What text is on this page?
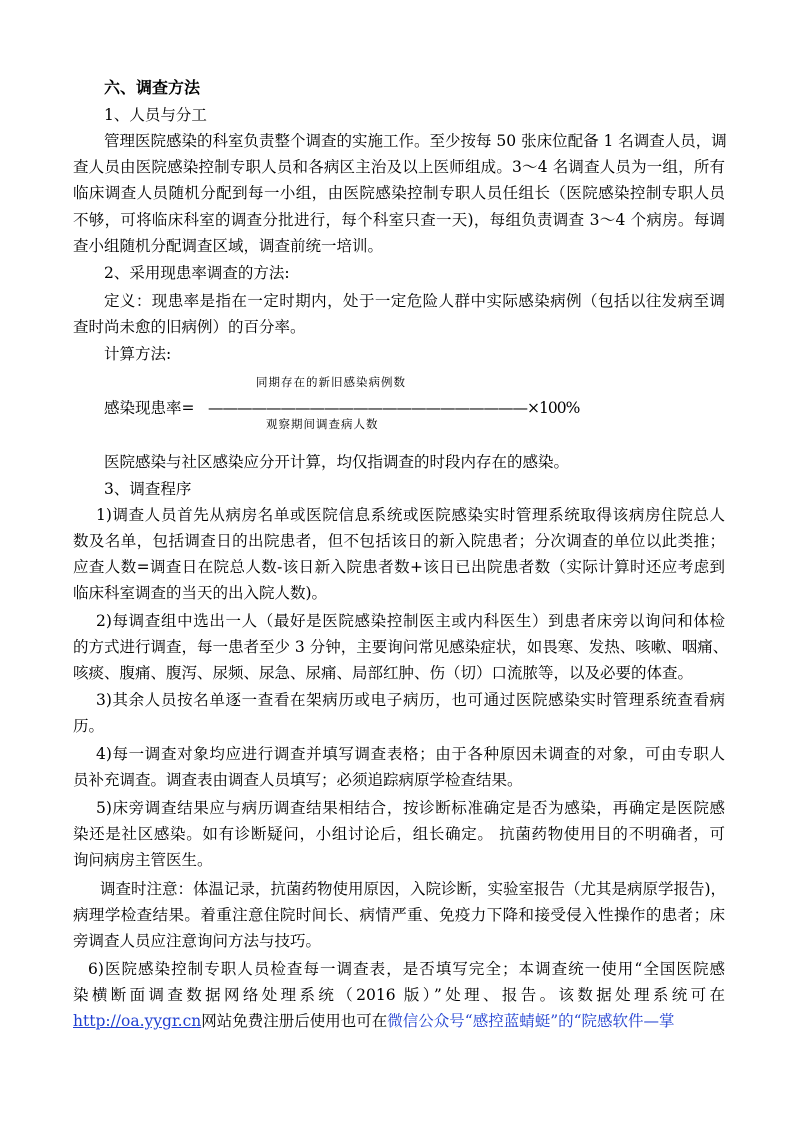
六、调查方法
1、人员与分工
管理医院感染的科室负责整个调查的实施工作。至少按每 50 张床位配备 1 名调查人员，调
查人员由医院感染控制专职人员和各病区主治及以上医师组成。3～4 名调查人员为一组，所有
临床调查人员随机分配到每一小组，由医院感染控制专职人员任组长（医院感染控制专职人员
不够，可将临床科室的调查分批进行，每个科室只查一天)，每组负责调查 3～4 个病房。每调
查小组随机分配调查区域，调查前统一培训。
2、采用现患率调查的方法:
定义：现患率是指在一定时期内，处于一定危险人群中实际感染病例（包括以往发病至调
查时尚未愈的旧病例）的百分率。
计算方法:
同期存在的新旧感染病例数
感染现患率= ——————————————————————×100%
观察期间调查病人数
医院感染与社区感染应分开计算，均仅指调查的时段内存在的感染。
3、调查程序
1)调查人员首先从病房名单或医院信息系统或医院感染实时管理系统取得该病房住院总人
数及名单，包括调查日的出院患者，但不包括该日的新入院患者；分次调查的单位以此类推；
应查人数=调查日在院总人数-该日新入院患者数+该日已出院患者数（实际计算时还应考虑到
临床科室调查的当天的出入院人数)。
2)每调查组中选出一人（最好是医院感染控制医主或内科医生）到患者床旁以询问和体检
的方式进行调查，每一患者至少 3 分钟，主要询问常见感染症状，如畏寒、发热、咳嗽、咽痛、
咳痰、腹痛、腹泻、尿频、尿急、尿痛、局部红肿、伤（切）口流脓等，以及必要的体查。
3)其余人员按名单逐一查看在架病历或电子病历，也可通过医院感染实时管理系统查看病
历。
4)每一调查对象均应进行调查并填写调查表格；由于各种原因未调查的对象，可由专职人
员补充调查。调查表由调查人员填写；必须追踪病原学检查结果。
5)床旁调查结果应与病历调查结果相结合，按诊断标准确定是否为感染，再确定是医院感
染还是社区感染。如有诊断疑问，小组讨论后，组长确定。 抗菌药物使用目的不明确者，可
询问病房主管医生。
调查时注意：体温记录，抗菌药物使用原因，入院诊断，实验室报告（尤其是病原学报告)，
病理学检查结果。着重注意住院时间长、病情严重、免疫力下降和接受侵入性操作的患者；床
旁调查人员应注意询问方法与技巧。
6)医院感染控制专职人员检查每一调查表，是否填写完全；本调查统一使用“全国医院感
染横断面调查数据网络处理系统（2016 版）”处理、报告。该数据处理系统可在
http://oa.yygr.cn网站免费注册后使用也可在微信公众号“感控蓝蜻蜓”的“院感软件—掌
